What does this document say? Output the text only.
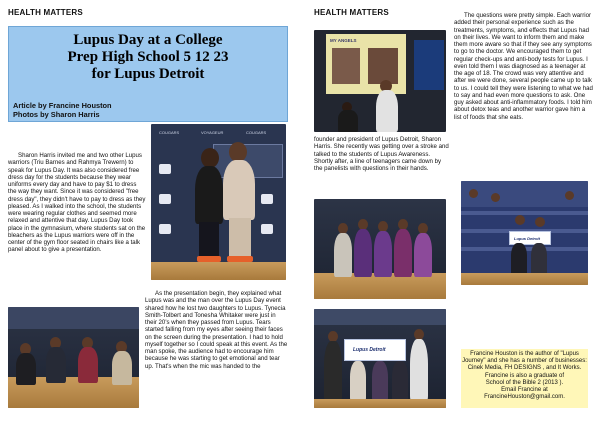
HEALTH MATTERS
Lupus Day at a College
Prep High School 5 12 23
for Lupus Detroit
Article by Francine Houston
Photos by Sharon Harris
Sharon Harris invited me and two other Lupus warriors (Triu Barnes and Rahmya Trewern) to speak for Lupus Day. It was also considered free dress day for the students because they wear uniforms every day and have to pay $1 to dress the way they want. Since it was considered "free dress day", they didn't have to pay to dress as they pleased. As I walked into the school, the students were wearing regular clothes and seemed more relaxed and attentive that day. Lupus Day took place in the gymnasium, where students sat on the bleachers as the Lupus warriors were off in the center of the gym floor seated in chairs like a talk panel about to give a presentation.
COUGARS	VOYAGEUR	COUGARS
As the presentation begin, they explained what Lupus was and the man over the Lupus Day event shared how he lost two daughters to Lupus. Tynecia Smith-Tolbert and Tonesha Whitaker were just in their 20's when they passed from Lupus. Tears started falling from my eyes after seeing their faces on the screen during the presentation. I had to hold myself together so I could speak at this event. As the man spoke, the audience had to encourage him because he was starting to get emotional and tear up. That's when the mic was handed to the
HEALTH MATTERS
MY ANGELS
founder and president of Lupus Detroit, Sharon Harris. She recently was getting over a stroke and talked to the students of Lupus Awareness. Shortly after, a line of teenagers came down by the panelists with questions in their hands.
Lupus Detroit
The questions were pretty simple. Each warrior added their personal experience such as the treatments, symptoms, and effects that Lupus had on their lives. We want to inform them and make them more aware so that if they see any symptoms to go to the doctor. We encouraged them to get regular check-ups and anti-body tests for Lupus. I even told them I was diagnosed as a teenager at the age of 18. The crowd was very attentive and after we were done, several people came up to talk to us. I could tell they were listening to what we had to say and had even more questions to ask. One guy asked about anti-inflammatory foods. I told him about detox teas and another warrior gave him a list of foods that she eats.
Lupus Detroit
Francine Houston is the author of "Lupus
Journey" and she has a number of businesses:
Cinek Media, FH DESIGNS , and It Works.
Francine is also a graduate of
School of the Bible 2 (2013 ).
Email Francine at
FrancineHouston@gmail.com.
